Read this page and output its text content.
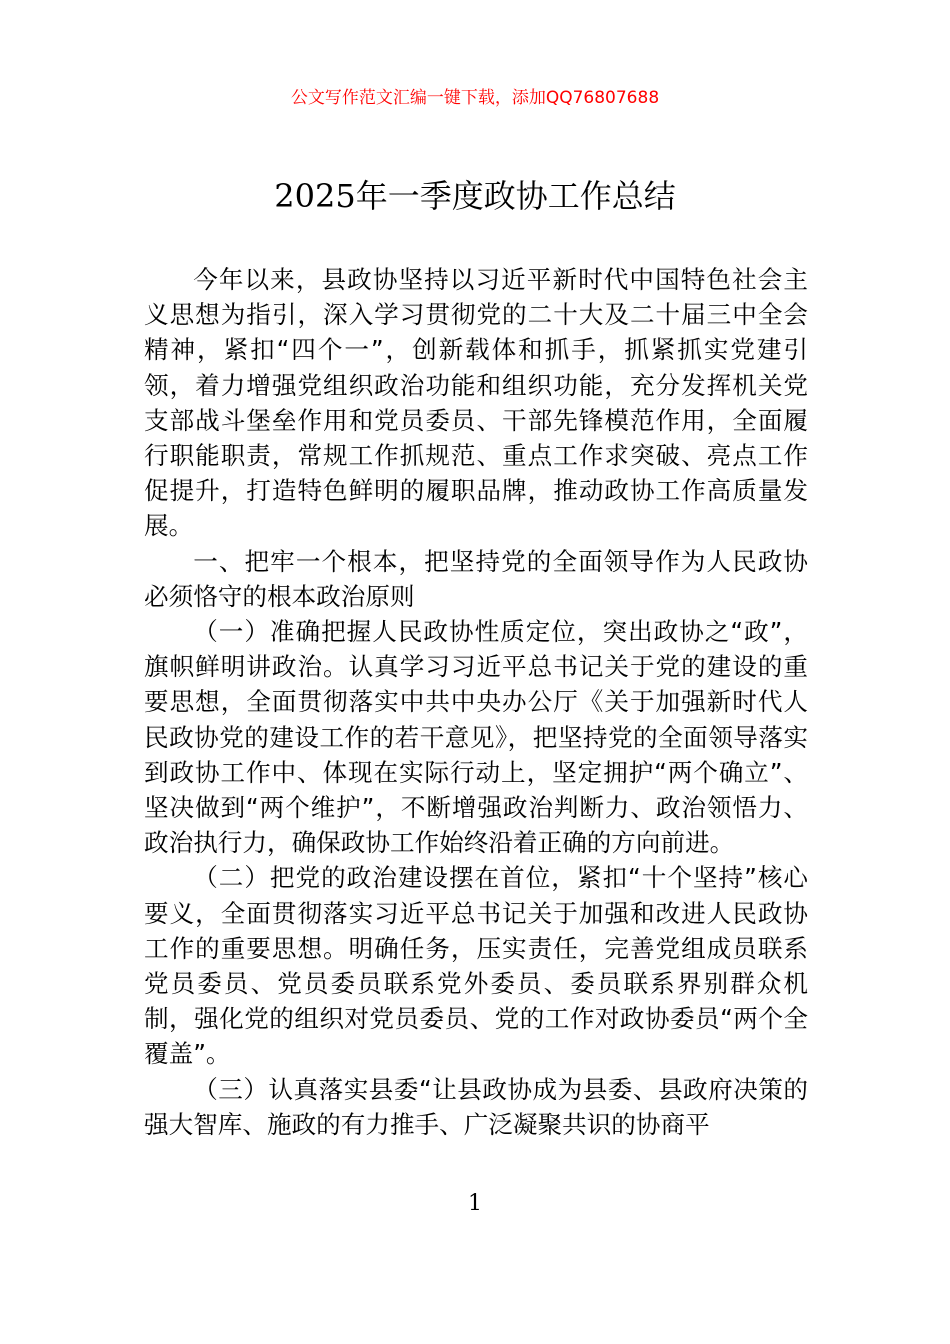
公文写作范文汇编一键下载，添加QQ76807688
2025年一季度政协工作总结

今年以来，县政协坚持以习近平新时代中国特色社会主义思想为指引，深入学习贯彻党的二十大及二十届三中全会精神，紧扣“四个一”，创新载体和抓手，抓紧抓实党建引领，着力增强党组织政治功能和组织功能，充分发挥机关党支部战斗堡垒作用和党员委员、干部先锋模范作用，全面履行职能职责，常规工作抓规范、重点工作求突破、亮点工作促提升，打造特色鲜明的履职品牌，推动政协工作高质量发展。

一、把牢一个根本，把坚持党的全面领导作为人民政协必须恪守的根本政治原则

（一）准确把握人民政协性质定位，突出政协之“政”，旗帜鲜明讲政治。认真学习习近平总书记关于党的建设的重要思想，全面贯彻落实中共中央办公厅《关于加强新时代人民政协党的建设工作的若干意见》，把坚持党的全面领导落实到政协工作中、体现在实际行动上，坚定拥护“两个确立”、坚决做到“两个维护”，不断增强政治判断力、政治领悟力、政治执行力，确保政协工作始终沿着正确的方向前进。

（二）把党的政治建设摆在首位，紧扣“十个坚持”核心要义，全面贯彻落实习近平总书记关于加强和改进人民政协工作的重要思想。明确任务，压实责任，完善党组成员联系党员委员、党员委员联系党外委员、委员联系界别群众机制，强化党的组织对党员委员、党的工作对政协委员“两个全覆盖”。

（三）认真落实县委“让县政协成为县委、县政府决策的强大智库、施政的有力推手、广泛凝聚共识的协商平

1
